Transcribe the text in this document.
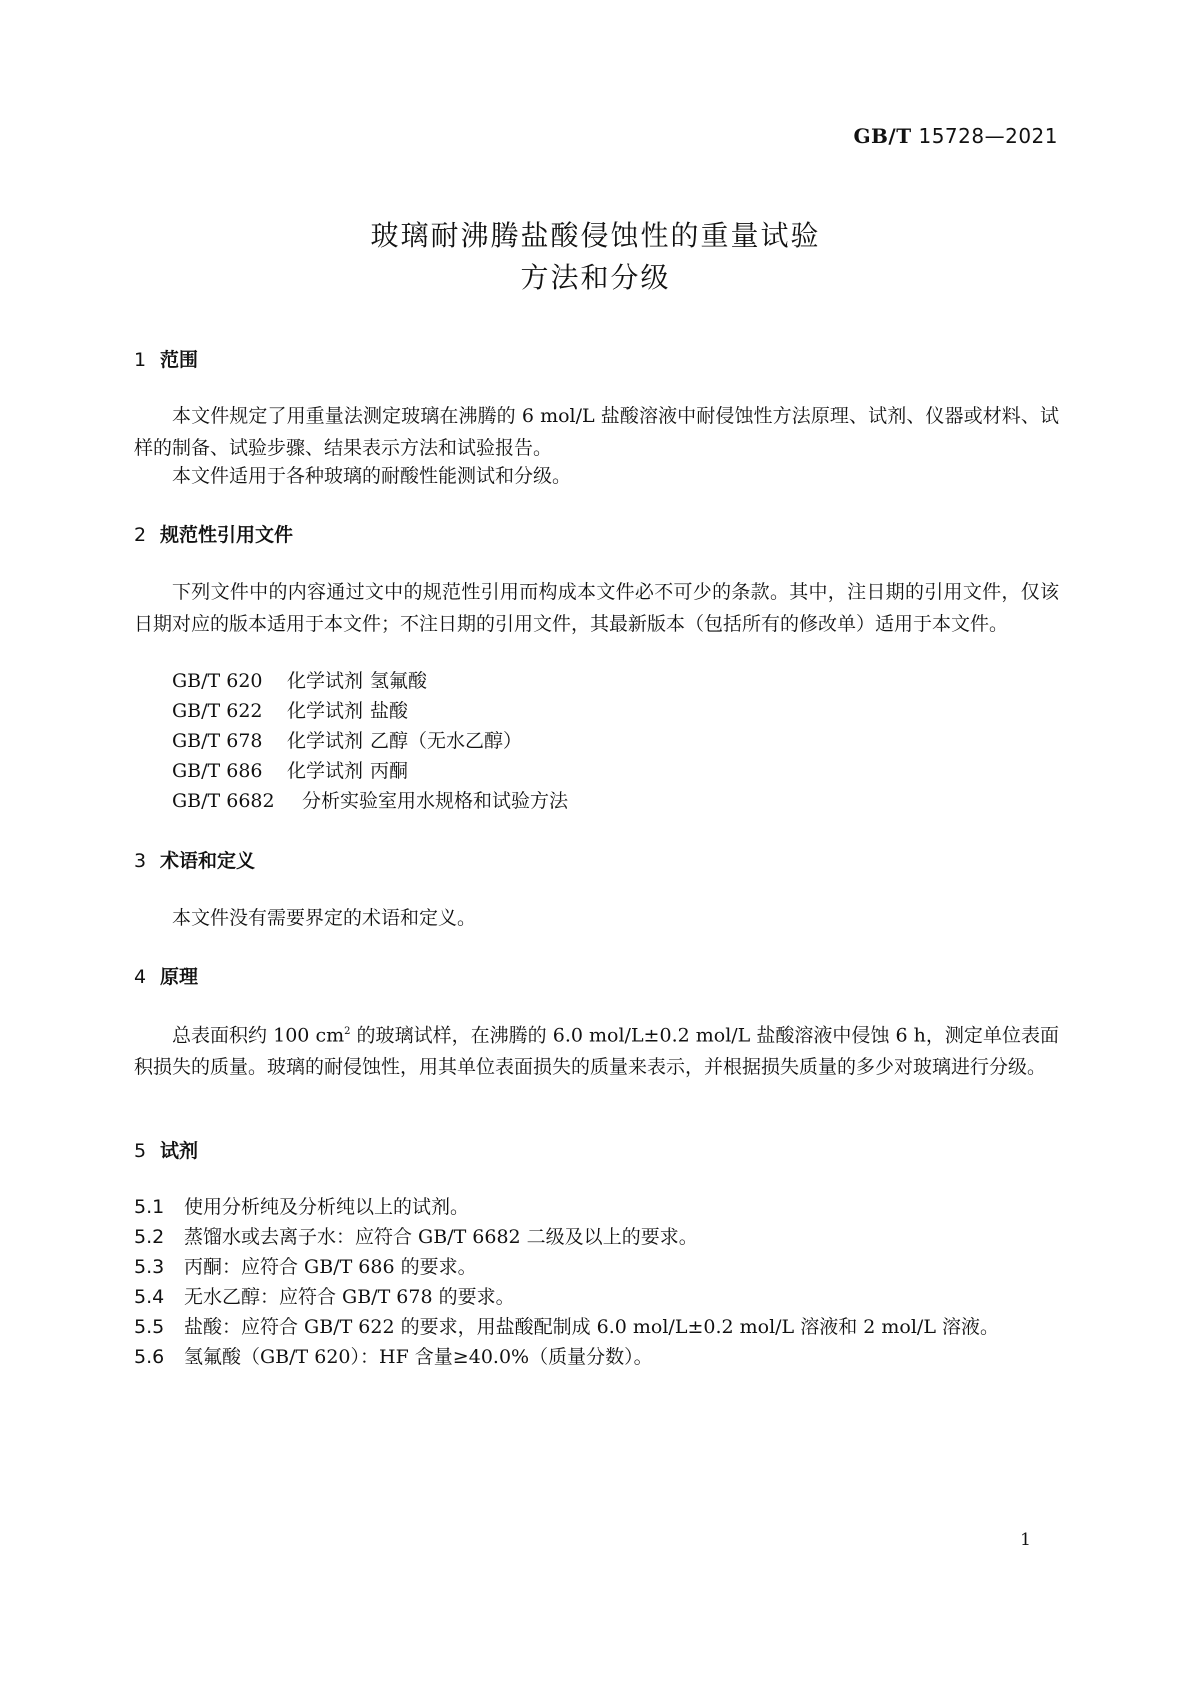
GB/T 15728—2021
玻璃耐沸腾盐酸侵蚀性的重量试验
方法和分级
1 范围
本文件规定了用重量法测定玻璃在沸腾的 6 mol/L 盐酸溶液中耐侵蚀性方法原理、试剂、仪器或材料、试样的制备、试验步骤、结果表示方法和试验报告。
本文件适用于各种玻璃的耐酸性能测试和分级。
2 规范性引用文件
下列文件中的内容通过文中的规范性引用而构成本文件必不可少的条款。其中，注日期的引用文件，仅该日期对应的版本适用于本文件；不注日期的引用文件，其最新版本（包括所有的修改单）适用于本文件。
GB/T 620 化学试剂 氢氟酸
GB/T 622 化学试剂 盐酸
GB/T 678 化学试剂 乙醇（无水乙醇）
GB/T 686 化学试剂 丙酮
GB/T 6682 分析实验室用水规格和试验方法
3 术语和定义
本文件没有需要界定的术语和定义。
4 原理
总表面积约 100 $cm^2$ 的玻璃试样，在沸腾的 6.0 mol/L±0.2 mol/L 盐酸溶液中侵蚀 6 h，测定单位表面积损失的质量。玻璃的耐侵蚀性，用其单位表面损失的质量来表示，并根据损失质量的多少对玻璃进行分级。
5 试剂
5.1 使用分析纯及分析纯以上的试剂。
5.2 蒸馏水或去离子水：应符合 GB/T 6682 二级及以上的要求。
5.3 丙酮：应符合 GB/T 686 的要求。
5.4 无水乙醇：应符合 GB/T 678 的要求。
5.5 盐酸：应符合 GB/T 622 的要求，用盐酸配制成 6.0 mol/L±0.2 mol/L 溶液和 2 mol/L 溶液。
5.6 氢氟酸（GB/T 620）：HF 含量≥40.0%（质量分数）。
1
